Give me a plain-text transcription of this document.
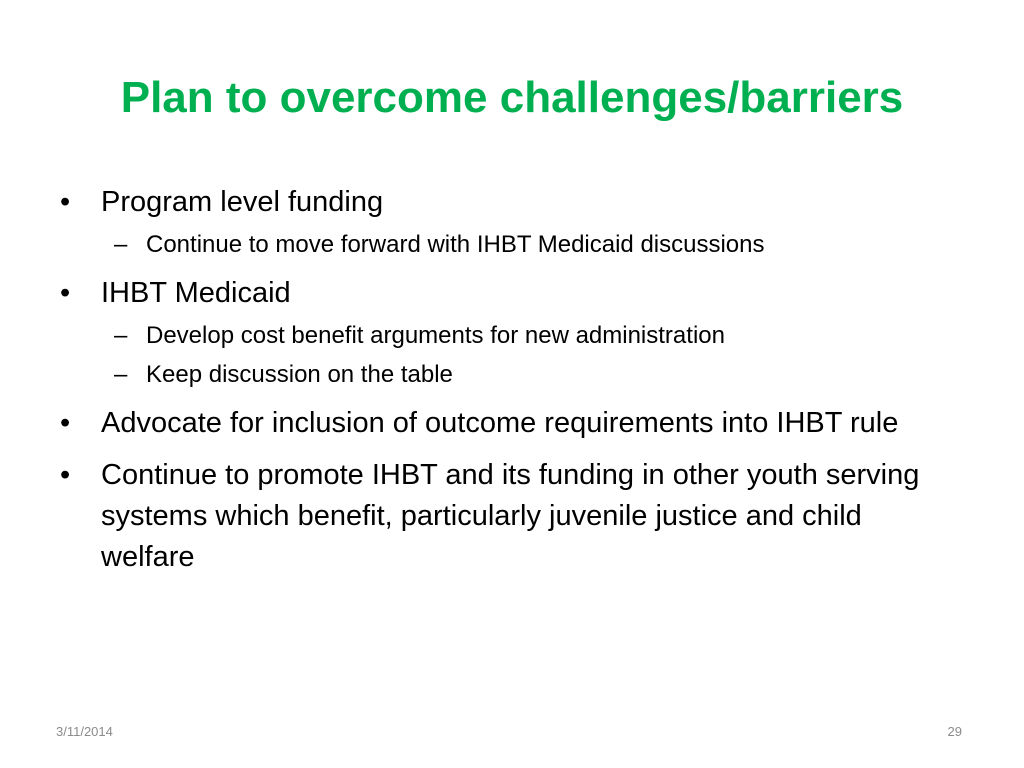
Plan to overcome challenges/barriers
• Program level funding
– Continue to move forward with IHBT Medicaid discussions
• IHBT Medicaid
– Develop cost benefit arguments for new administration
– Keep discussion on the table
• Advocate for inclusion of outcome requirements into IHBT rule
• Continue to promote IHBT and its funding in other youth serving systems which benefit, particularly juvenile justice and child welfare
3/11/2014	29
